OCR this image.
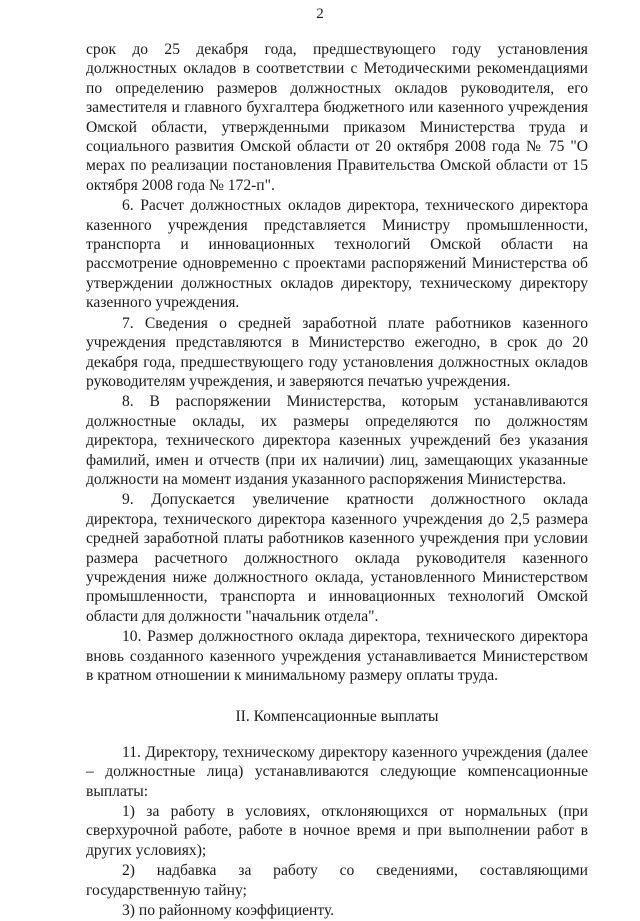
2

срок до 25 декабря года, предшествующего году установления должностных окладов в соответствии с Методическими рекомендациями по определению размеров должностных окладов руководителя, его заместителя и главного бухгалтера бюджетного или казенного учреждения Омской области, утвержденными приказом Министерства труда и социального развития Омской области от 20 октября 2008 года № 75 "О мерах по реализации постановления Правительства Омской области от 15 октября 2008 года № 172-п".

6. Расчет должностных окладов директора, технического директора казенного учреждения представляется Министру промышленности, транспорта и инновационных технологий Омской области на рассмотрение одновременно с проектами распоряжений Министерства об утверждении должностных окладов директору, техническому директору казенного учреждения.

7. Сведения о средней заработной плате работников казенного учреждения представляются в Министерство ежегодно, в срок до 20 декабря года, предшествующего году установления должностных окладов руководителям учреждения, и заверяются печатью учреждения.

8. В распоряжении Министерства, которым устанавливаются должностные оклады, их размеры определяются по должностям директора, технического директора казенных учреждений без указания фамилий, имен и отчеств (при их наличии) лиц, замещающих указанные должности на момент издания указанного распоряжения Министерства.

9. Допускается увеличение кратности должностного оклада директора, технического директора казенного учреждения до 2,5 размера средней заработной платы работников казенного учреждения при условии размера расчетного должностного оклада руководителя казенного учреждения ниже должностного оклада, установленного Министерством промышленности, транспорта и инновационных технологий Омской области для должности "начальник отдела".

10. Размер должностного оклада директора, технического директора вновь созданного казенного учреждения устанавливается Министерством в кратном отношении к минимальному размеру оплаты труда.

II. Компенсационные выплаты

11. Директору, техническому директору казенного учреждения (далее – должностные лица) устанавливаются следующие компенсационные выплаты:

1) за работу в условиях, отклоняющихся от нормальных (при сверхурочной работе, работе в ночное время и при выполнении работ в других условиях);

2) надбавка за работу со сведениями, составляющими государственную тайну;

3) по районному коэффициенту.
